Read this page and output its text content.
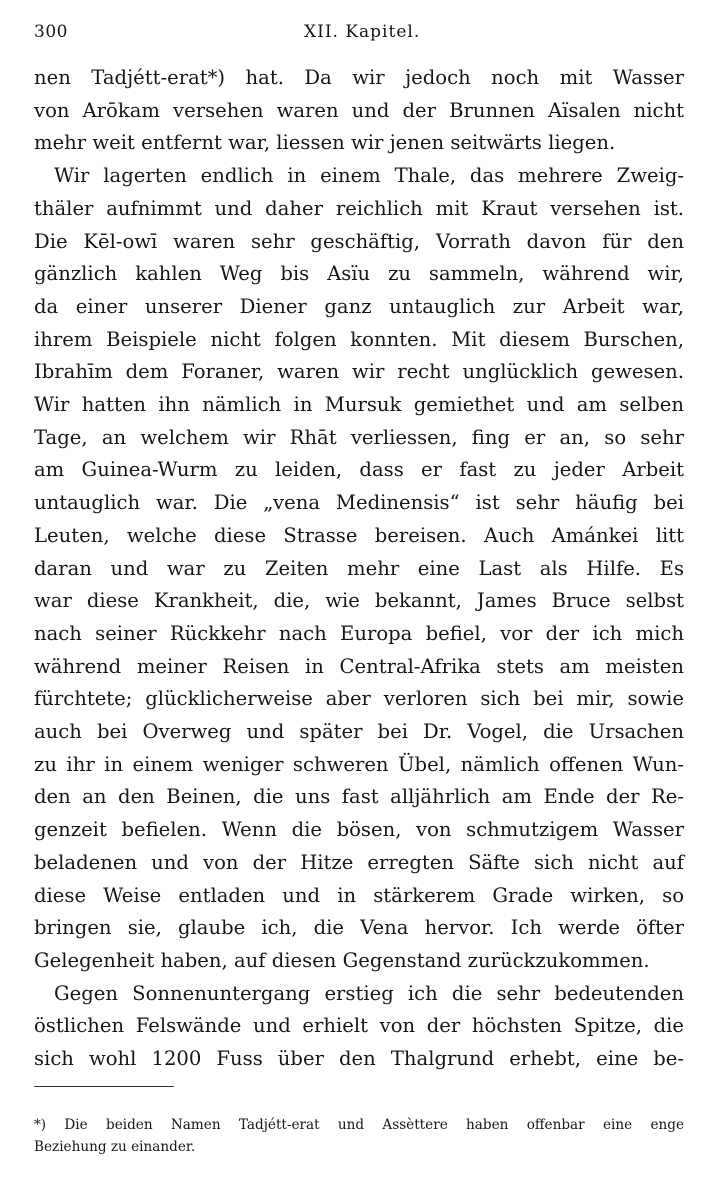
300	XII. Kapitel.
nen Tadjétt-erat*) hat. Da wir jedoch noch mit Wasser
von Arōkam versehen waren und der Brunnen Aïsalen nicht
mehr weit entfernt war, liessen wir jenen seitwärts liegen.
Wir lagerten endlich in einem Thale, das mehrere Zweig-
thäler aufnimmt und daher reichlich mit Kraut versehen ist.
Die Kēl-owī waren sehr geschäftig, Vorrath davon für den
gänzlich kahlen Weg bis Asïu zu sammeln, während wir,
da einer unserer Diener ganz untauglich zur Arbeit war,
ihrem Beispiele nicht folgen konnten. Mit diesem Burschen,
Ibrahīm dem Foraner, waren wir recht unglücklich gewesen.
Wir hatten ihn nämlich in Mursuk gemiethet und am selben
Tage, an welchem wir Rhāt verliessen, fing er an, so sehr
am Guinea-Wurm zu leiden, dass er fast zu jeder Arbeit
untauglich war. Die „vena Medinensis“ ist sehr häufig bei
Leuten, welche diese Strasse bereisen. Auch Amánkei litt
daran und war zu Zeiten mehr eine Last als Hilfe. Es
war diese Krankheit, die, wie bekannt, James Bruce selbst
nach seiner Rückkehr nach Europa befiel, vor der ich mich
während meiner Reisen in Central-Afrika stets am meisten
fürchtete; glücklicherweise aber verloren sich bei mir, sowie
auch bei Overweg und später bei Dr. Vogel, die Ursachen
zu ihr in einem weniger schweren Übel, nämlich offenen Wun-
den an den Beinen, die uns fast alljährlich am Ende der Re-
genzeit befielen. Wenn die bösen, von schmutzigem Wasser
beladenen und von der Hitze erregten Säfte sich nicht auf
diese Weise entladen und in stärkerem Grade wirken, so
bringen sie, glaube ich, die Vena hervor. Ich werde öfter
Gelegenheit haben, auf diesen Gegenstand zurückzukommen.
Gegen Sonnenuntergang erstieg ich die sehr bedeutenden
östlichen Felswände und erhielt von der höchsten Spitze, die
sich wohl 1200 Fuss über den Thalgrund erhebt, eine be-
*) Die beiden Namen Tadjétt-erat und Assèttere haben offenbar eine enge
Beziehung zu einander.
